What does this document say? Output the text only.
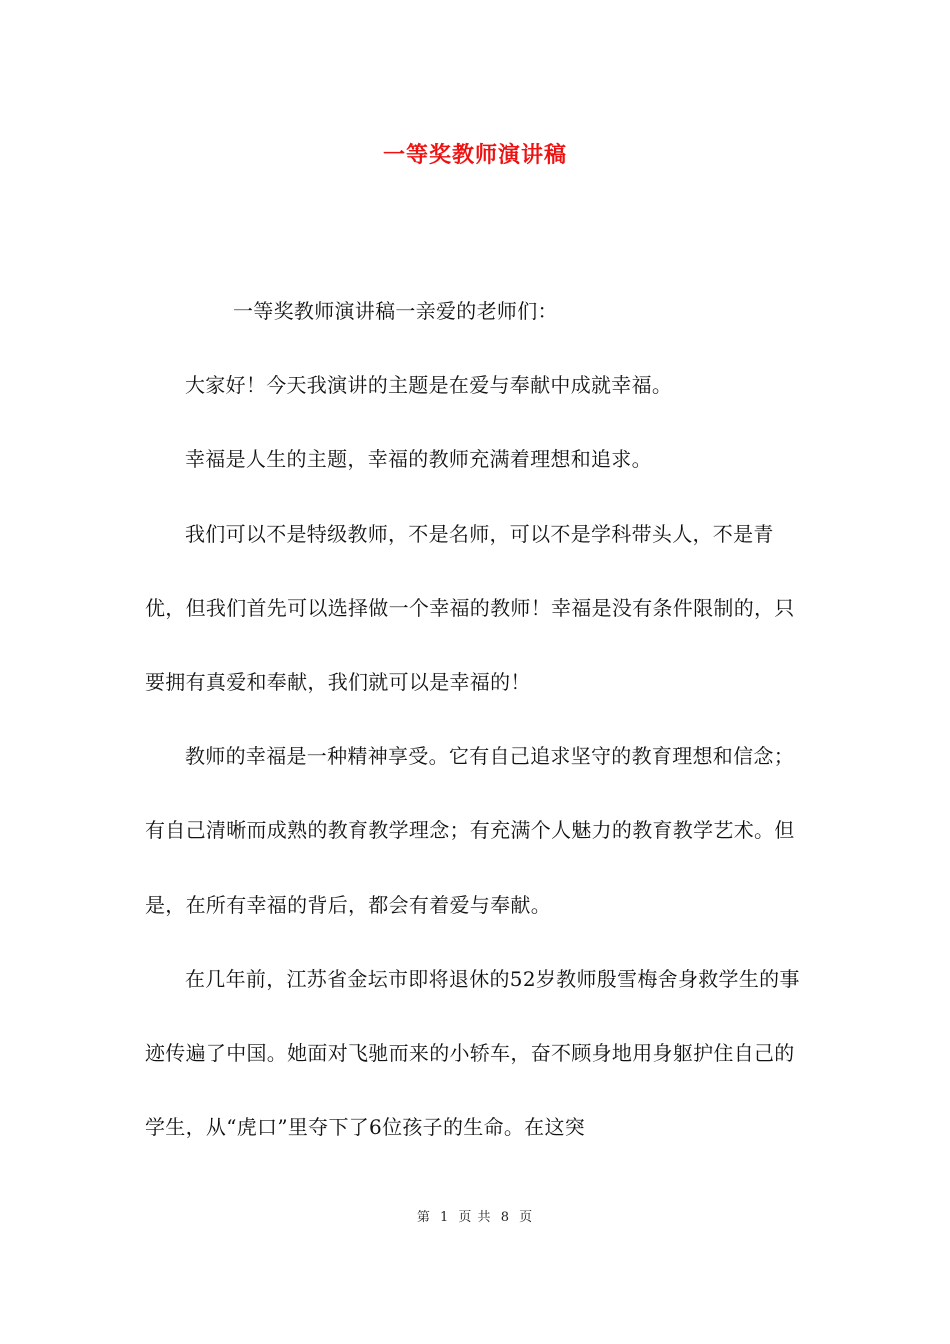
一等奖教师演讲稿

一等奖教师演讲稿一亲爱的老师们：

大家好！今天我演讲的主题是在爱与奉献中成就幸福。

幸福是人生的主题，幸福的教师充满着理想和追求。

我们可以不是特级教师，不是名师，可以不是学科带头人，不是青优，但我们首先可以选择做一个幸福的教师！幸福是没有条件限制的，只要拥有真爱和奉献，我们就可以是幸福的！

教师的幸福是一种精神享受。它有自己追求坚守的教育理想和信念；有自己清晰而成熟的教育教学理念；有充满个人魅力的教育教学艺术。但是，在所有幸福的背后，都会有着爱与奉献。

在几年前，江苏省金坛市即将退休的52岁教师殷雪梅舍身救学生的事迹传遍了中国。她面对飞驰而来的小轿车，奋不顾身地用身躯护住自己的学生，从“虎口”里夺下了6位孩子的生命。在这突

第 1 页 共 8 页
